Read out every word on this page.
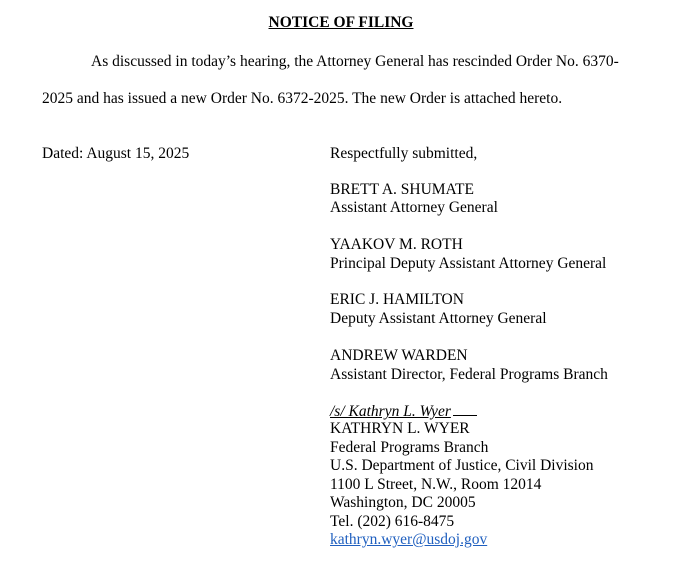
NOTICE OF FILING
As discussed in today’s hearing, the Attorney General has rescinded Order No. 6370-
2025 and has issued a new Order No. 6372-2025. The new Order is attached hereto.
Dated: August 15, 2025	Respectfully submitted,
BRETT A. SHUMATE
Assistant Attorney General
YAAKOV M. ROTH
Principal Deputy Assistant Attorney General
ERIC J. HAMILTON
Deputy Assistant Attorney General
ANDREW WARDEN
Assistant Director, Federal Programs Branch
/s/ Kathryn L. Wyer
KATHRYN L. WYER
Federal Programs Branch
U.S. Department of Justice, Civil Division
1100 L Street, N.W., Room 12014
Washington, DC 20005
Tel. (202) 616-8475
kathryn.wyer@usdoj.gov
